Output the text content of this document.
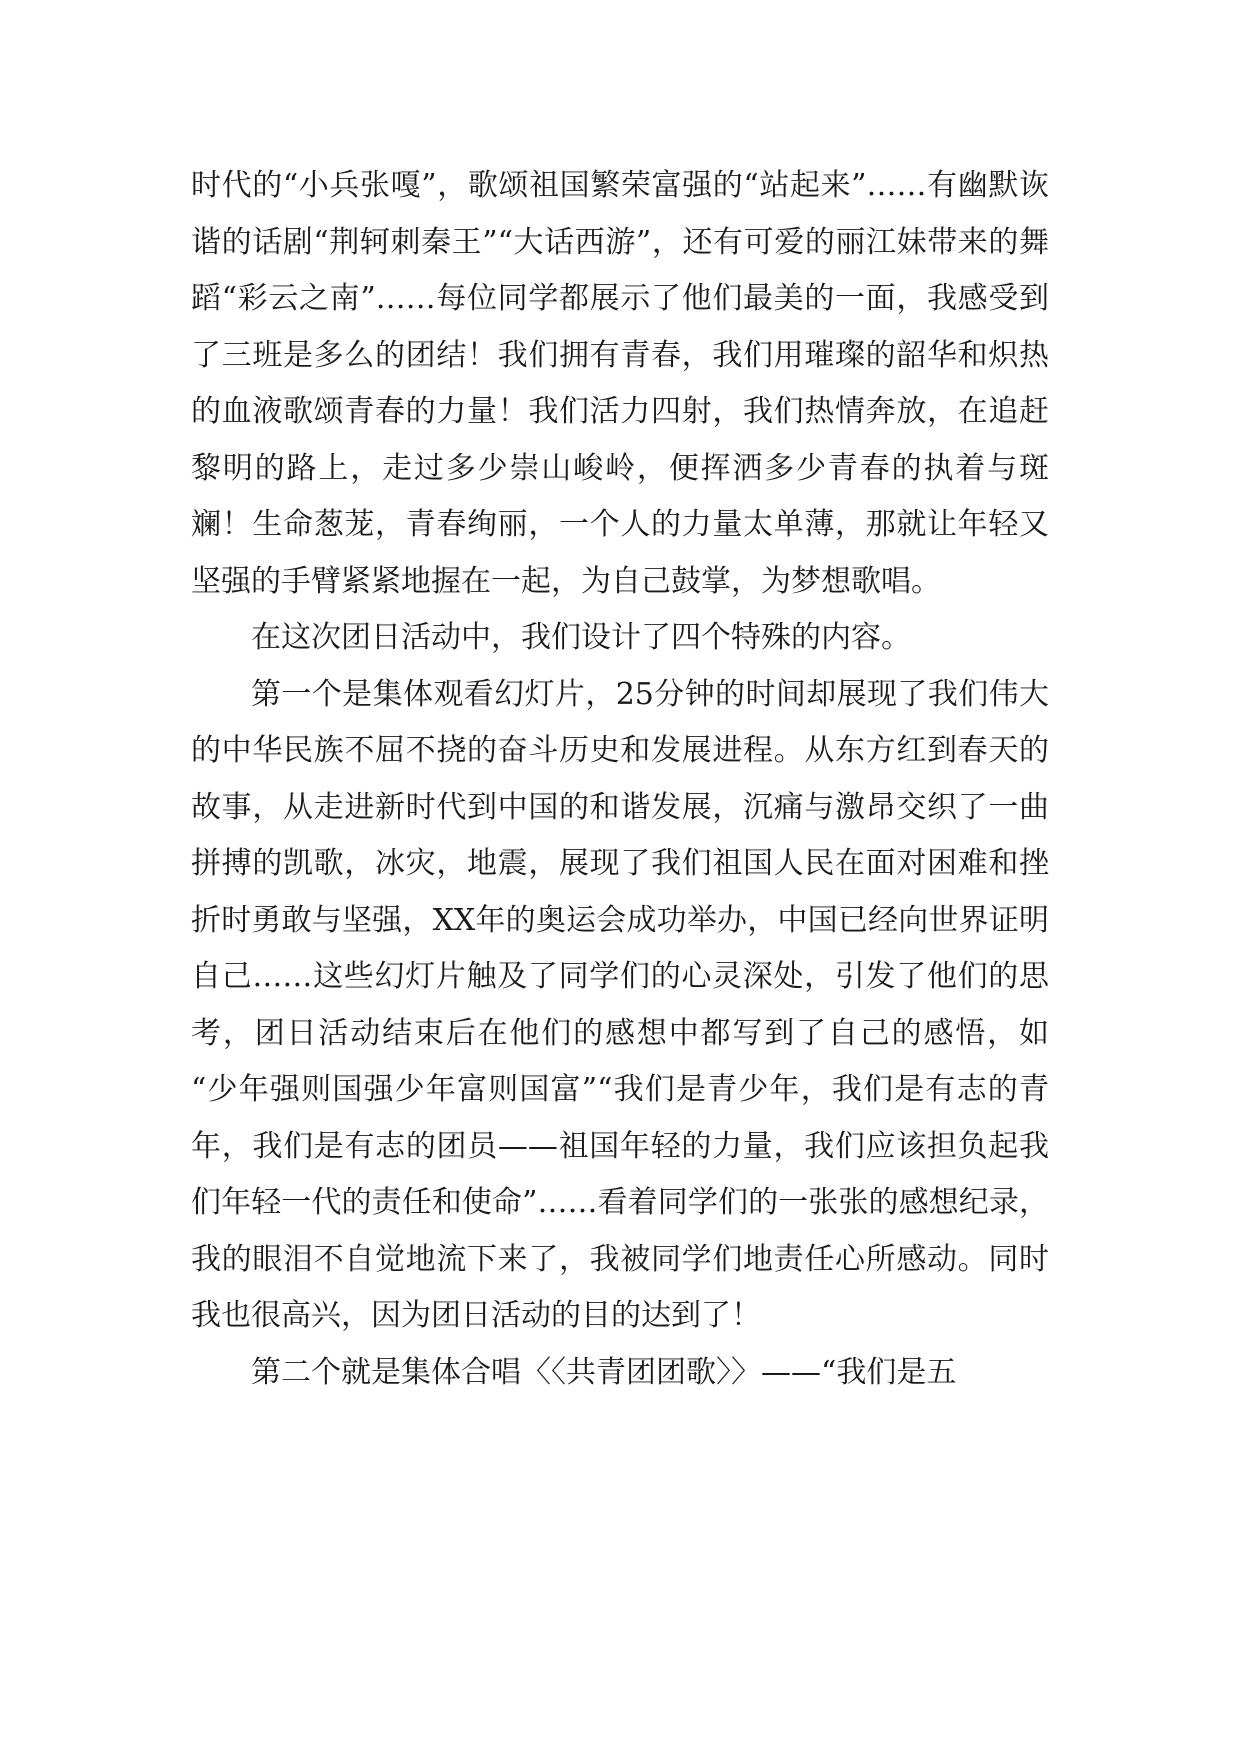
时代的“小兵张嘎”，歌颂祖国繁荣富强的“站起来”……有幽默诙谐的话剧“荆轲刺秦王”“大话西游”，还有可爱的丽江妹带来的舞蹈“彩云之南”……每位同学都展示了他们最美的一面，我感受到了三班是多么的团结！我们拥有青春，我们用璀璨的韶华和炽热的血液歌颂青春的力量！我们活力四射，我们热情奔放，在追赶黎明的路上，走过多少崇山峻岭，便挥洒多少青春的执着与斑斓！生命葱茏，青春绚丽，一个人的力量太单薄，那就让年轻又坚强的手臂紧紧地握在一起，为自己鼓掌，为梦想歌唱。

在这次团日活动中，我们设计了四个特殊的内容。

第一个是集体观看幻灯片，25分钟的时间却展现了我们伟大的中华民族不屈不挠的奋斗历史和发展进程。从东方红到春天的故事，从走进新时代到中国的和谐发展，沉痛与激昂交织了一曲拼搏的凯歌，冰灾，地震，展现了我们祖国人民在面对困难和挫折时勇敢与坚强，XX年的奥运会成功举办，中国已经向世界证明自己……这些幻灯片触及了同学们的心灵深处，引发了他们的思考，团日活动结束后在他们的感想中都写到了自己的感悟，如 “少年强则国强少年富则国富”“我们是青少年，我们是有志的青年，我们是有志的团员——祖国年轻的力量，我们应该担负起我们年轻一代的责任和使命”……看着同学们的一张张的感想纪录，我的眼泪不自觉地流下来了，我被同学们地责任心所感动。同时我也很高兴，因为团日活动的目的达到了！

第二个就是集体合唱〈〈共青团团歌〉〉——“我们是五
